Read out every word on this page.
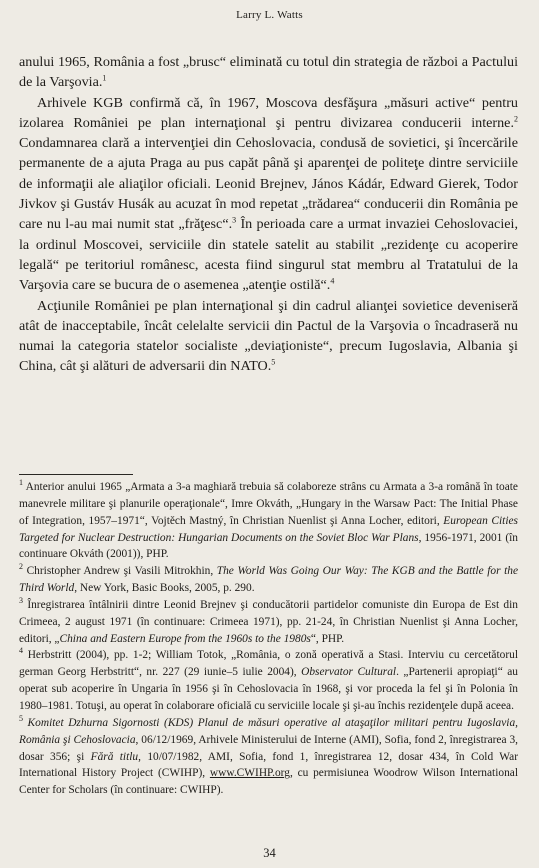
Larry L. Watts

anului 1965, România a fost „brusc“ eliminată cu totul din strategia de război a Pactului de la Varşovia.$^1$

Arhivele KGB confirmă că, în 1967, Moscova desfăşura „măsuri active“ pentru izolarea României pe plan internaţional şi pentru divizarea conducerii interne.$^2$ Condamnarea clară a intervenţiei din Cehoslovacia, condusă de sovietici, şi încercările permanente de a ajuta Praga au pus capăt până şi aparenţei de politeţe dintre serviciile de informaţii ale aliaţilor oficiali. Leonid Brejnev, János Kádár, Edward Gierek, Todor Jivkov şi Gustáv Husák au acuzat în mod repetat „trădarea“ conducerii din România pe care nu l-au mai numit stat „frăţesc“.$^3$ În perioada care a urmat invaziei Cehoslovaciei, la ordinul Moscovei, serviciile din statele satelit au stabilit „rezidenţe cu acoperire legală“ pe teritoriul românesc, acesta fiind singurul stat membru al Tratatului de la Varşovia care se bucura de o asemenea „atenţie ostilă“.$^4$

Acţiunile României pe plan internaţional şi din cadrul alianţei sovietice deveniseră atât de inacceptabile, încât celelalte servicii din Pactul de la Varşovia o încadraseră nu numai la categoria statelor socialiste „deviaţioniste“, precum Iugoslavia, Albania şi China, cât şi alături de adversarii din NATO.$^5$

$^1$ Anterior anului 1965 „Armata a 3-a maghiară trebuia să colaboreze strâns cu Armata a 3-a română în toate manevrele militare şi planurile operaţionale“, Imre Okváth, „Hungary in the Warsaw Pact: The Initial Phase of Integration, 1957–1971“, Vojtěch Mastný, în Christian Nuenlist şi Anna Locher, editori, European Cities Targeted for Nuclear Destruction: Hungarian Documents on the Soviet Bloc War Plans, 1956-1971, 2001 (în continuare Okváth (2001)), PHP.

$^2$ Christopher Andrew şi Vasili Mitrokhin, The World Was Going Our Way: The KGB and the Battle for the Third World, New York, Basic Books, 2005, p. 290.

$^3$ Înregistrarea întâlnirii dintre Leonid Brejnev şi conducătorii partidelor comuniste din Europa de Est din Crimeea, 2 august 1971 (în continuare: Crimeea 1971), pp. 21-24, în Christian Nuenlist şi Anna Locher, editori, „China and Eastern Europe from the 1960s to the 1980s“, PHP.

$^4$ Herbstritt (2004), pp. 1-2; William Totok, „România, o zonă operativă a Stasi. Interviu cu cercetătorul german Georg Herbstritt“, nr. 227 (29 iunie–5 iulie 2004), Observator Cultural. „Partenerii apropiaţi“ au operat sub acoperire în Ungaria în 1956 şi în Cehoslovacia în 1968, şi vor proceda la fel şi în Polonia în 1980–1981. Totuşi, au operat în colaborare oficială cu serviciile locale şi şi-au închis rezidenţele după aceea.

$^5$ Komitet Dzhurna Sigornosti (KDS) Planul de măsuri operative al ataşaţilor militari pentru Iugoslavia, România şi Cehoslovacia, 06/12/1969, Arhivele Ministerului de Interne (AMI), Sofia, fond 2, înregistrarea 3, dosar 356; şi Fără titlu, 10/07/1982, AMI, Sofia, fond 1, înregistrarea 12, dosar 434, în Cold War International History Project (CWIHP), www.CWIHP.org, cu permisiunea Woodrow Wilson International Center for Scholars (în continuare: CWIHP).

34
